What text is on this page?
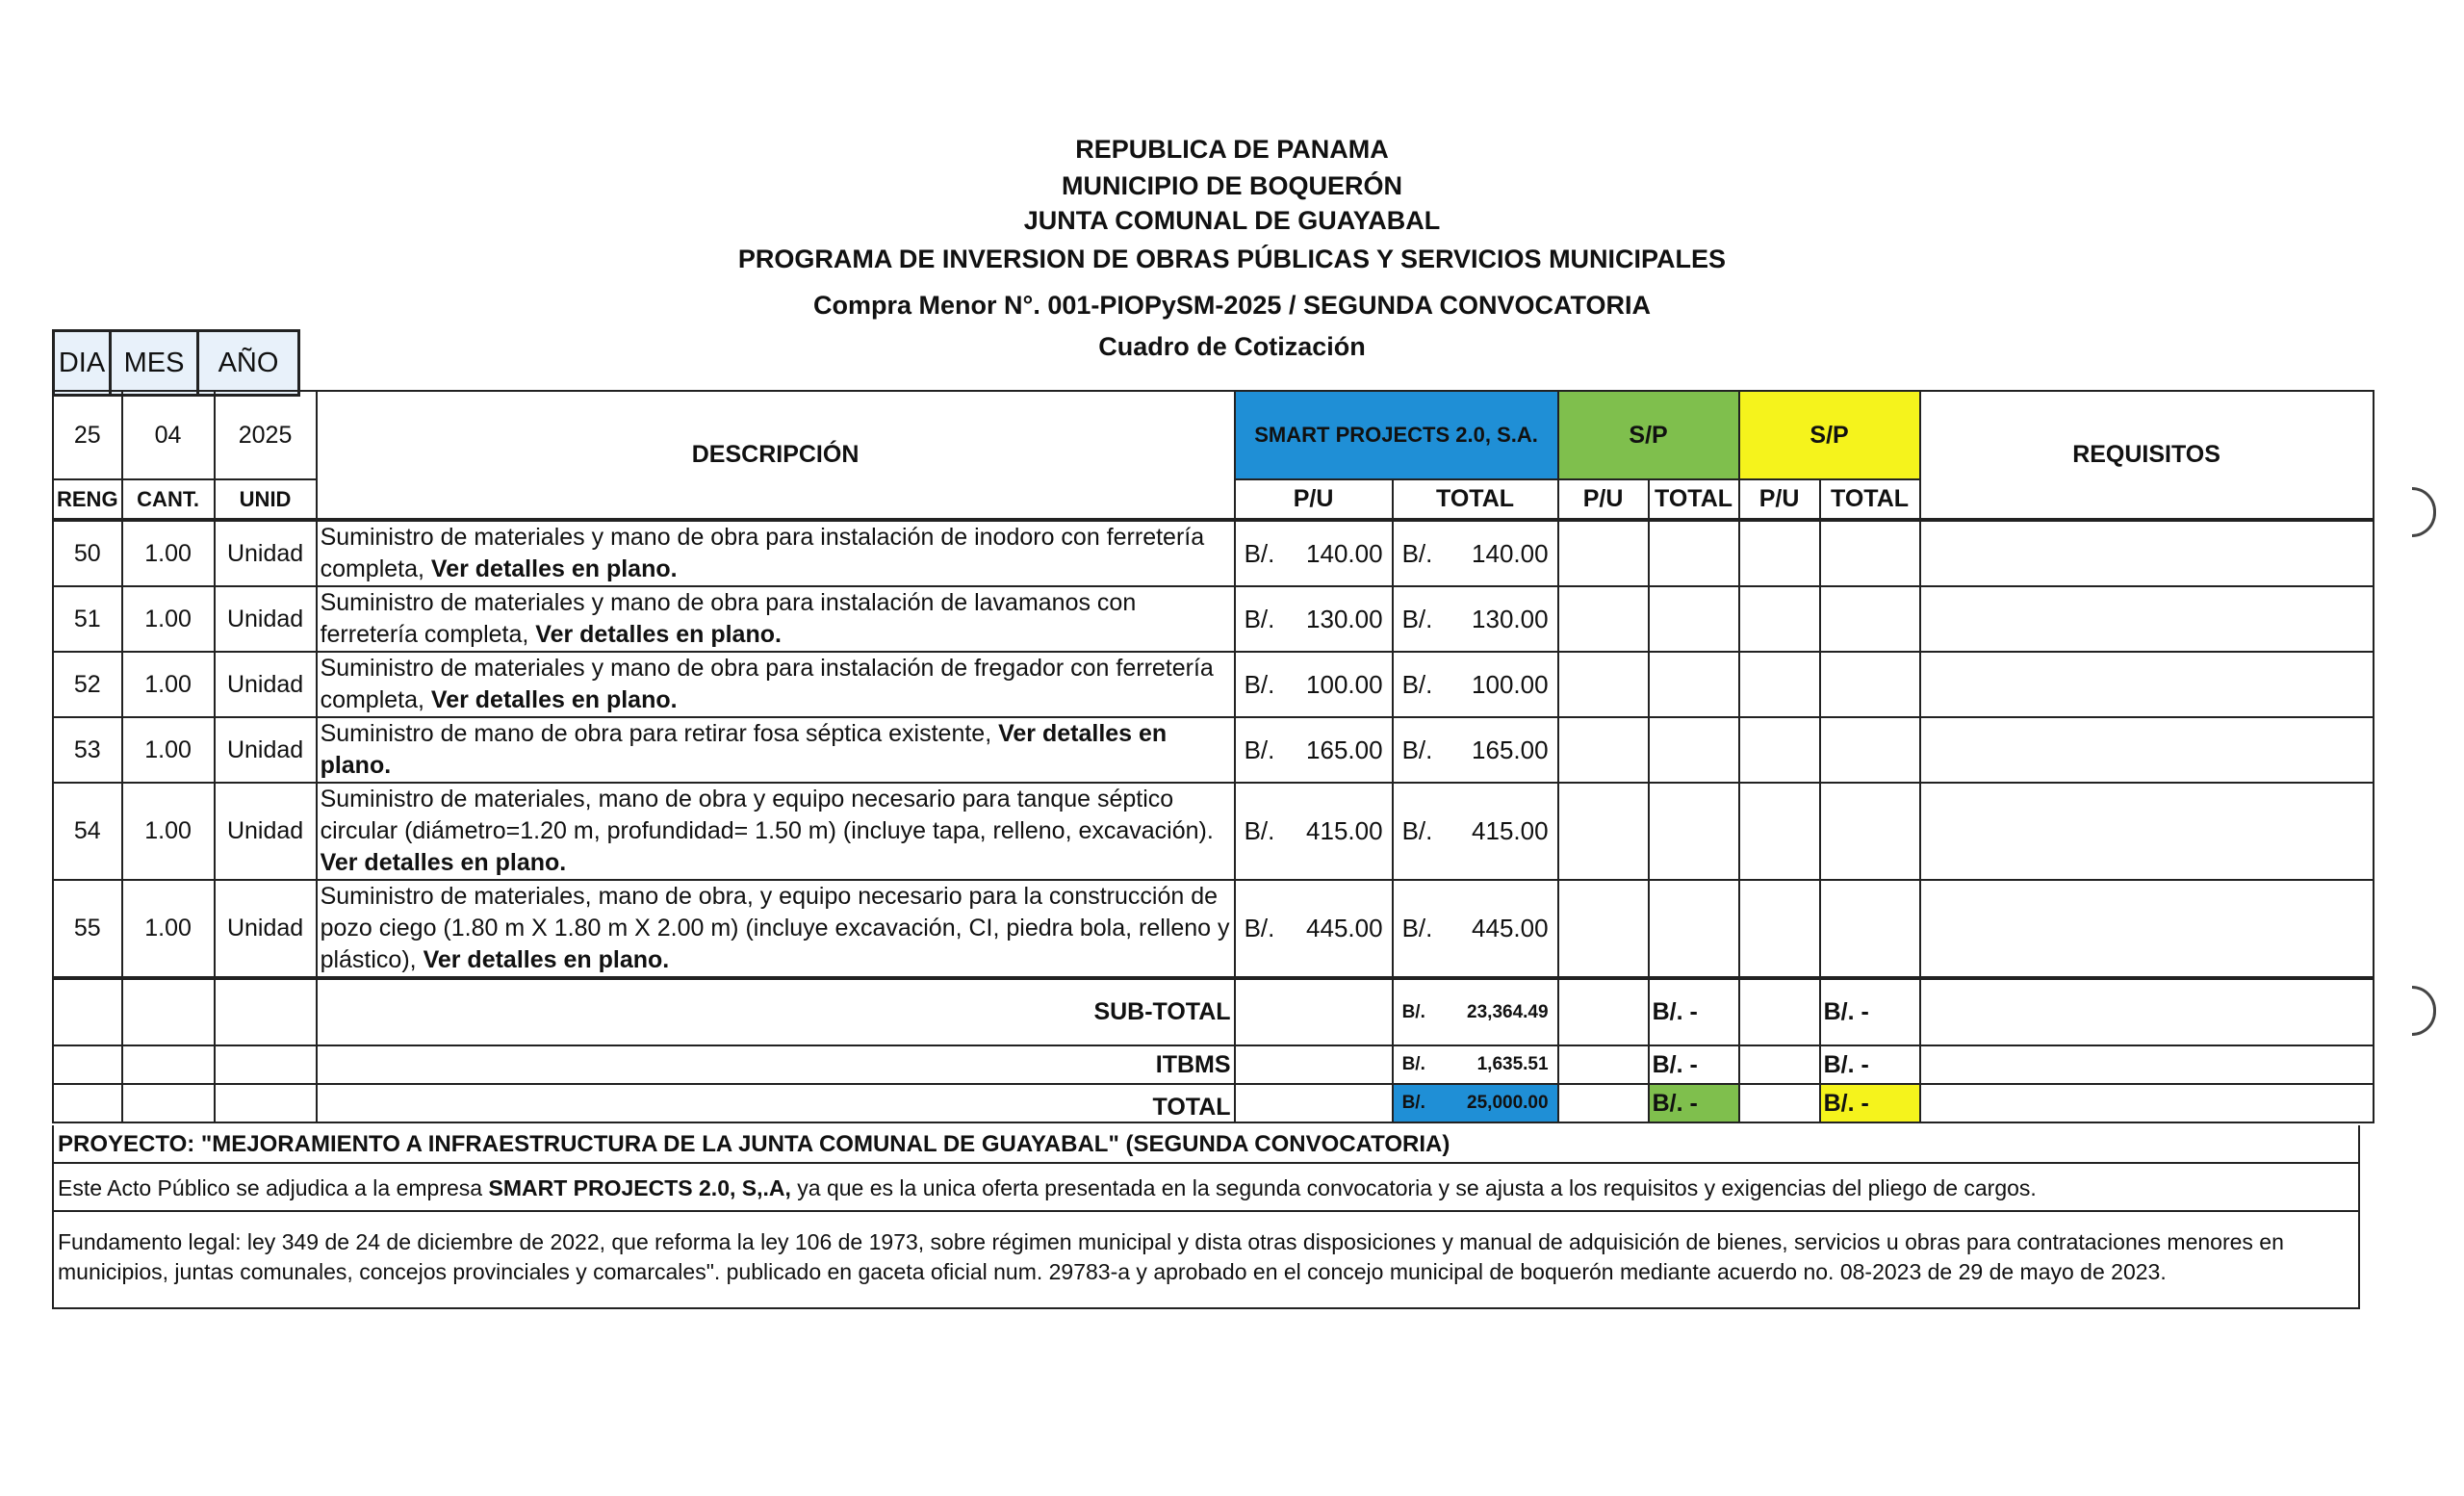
REPUBLICA DE PANAMA
MUNICIPIO DE BOQUERÓN
JUNTA COMUNAL DE GUAYABAL
PROGRAMA DE INVERSION DE OBRAS PÚBLICAS Y SERVICIOS MUNICIPALES
Compra Menor N°. 001-PIOPySM-2025 / SEGUNDA CONVOCATORIA
Cuadro de Cotización
DIA	MES	AÑO
25	04	2025	DESCRIPCIÓN	SMART PROJECTS 2.0, S.A.		S/P		S/P		REQUISITOS
RENG	CANT.	UNID		P/U	TOTAL	P/U	TOTAL	P/U	TOTAL	
50	1.00	Unidad	Suministro de materiales y mano de obra para instalación de inodoro con ferretería completa, Ver detalles en plano.	B/. 140.00	B/. 140.00					

51	1.00	Unidad	Suministro de materiales y mano de obra para instalación de lavamanos con ferretería completa, Ver detalles en plano.	B/. 130.00	B/. 130.00					

52	1.00	Unidad	Suministro de materiales y mano de obra para instalación de fregador con ferretería completa, Ver detalles en plano.	B/. 100.00	B/. 100.00					

53	1.00	Unidad	Suministro de mano de obra para retirar fosa séptica existente, Ver detalles en plano.	B/. 165.00	B/. 165.00					

54	1.00	Unidad	Suministro de materiales, mano de obra y equipo necesario para tanque séptico circular (diámetro=1.20 m, profundidad= 1.50 m) (incluye tapa, relleno, excavación). Ver detalles en plano.	B/. 415.00	B/. 415.00					

55	1.00	Unidad	Suministro de materiales, mano de obra, y equipo necesario para la construcción de pozo ciego (1.80 m X 1.80 m X 2.00 m) (incluye excavación, CI, piedra bola, relleno y plástico), Ver detalles en plano.	B/. 445.00	B/. 445.00					

			SUB-TOTAL		B/. 23,364.49		B/. -		B/. -	
			ITBMS		B/. 1,635.51		B/. -		B/. -	
			TOTAL		B/. 25,000.00		B/. -		B/. -	
PROYECTO: "MEJORAMIENTO A INFRAESTRUCTURA DE LA JUNTA COMUNAL DE GUAYABAL" (SEGUNDA CONVOCATORIA)
Este Acto Público se adjudica a la empresa SMART PROJECTS 2.0, S,.A, ya que es la unica oferta presentada en la segunda convocatoria y se ajusta a los requisitos y exigencias del pliego de cargos.
Fundamento legal: ley 349 de 24 de diciembre de 2022, que reforma la ley 106 de 1973, sobre régimen municipal y dista otras disposiciones y manual de adquisición de bienes, servicios u obras para contrataciones menores en municipios, juntas comunales, concejos provinciales y comarcales". publicado en gaceta oficial num. 29783-a y aprobado en el concejo municipal de boquerón mediante acuerdo no. 08-2023 de 29 de mayo de 2023.
